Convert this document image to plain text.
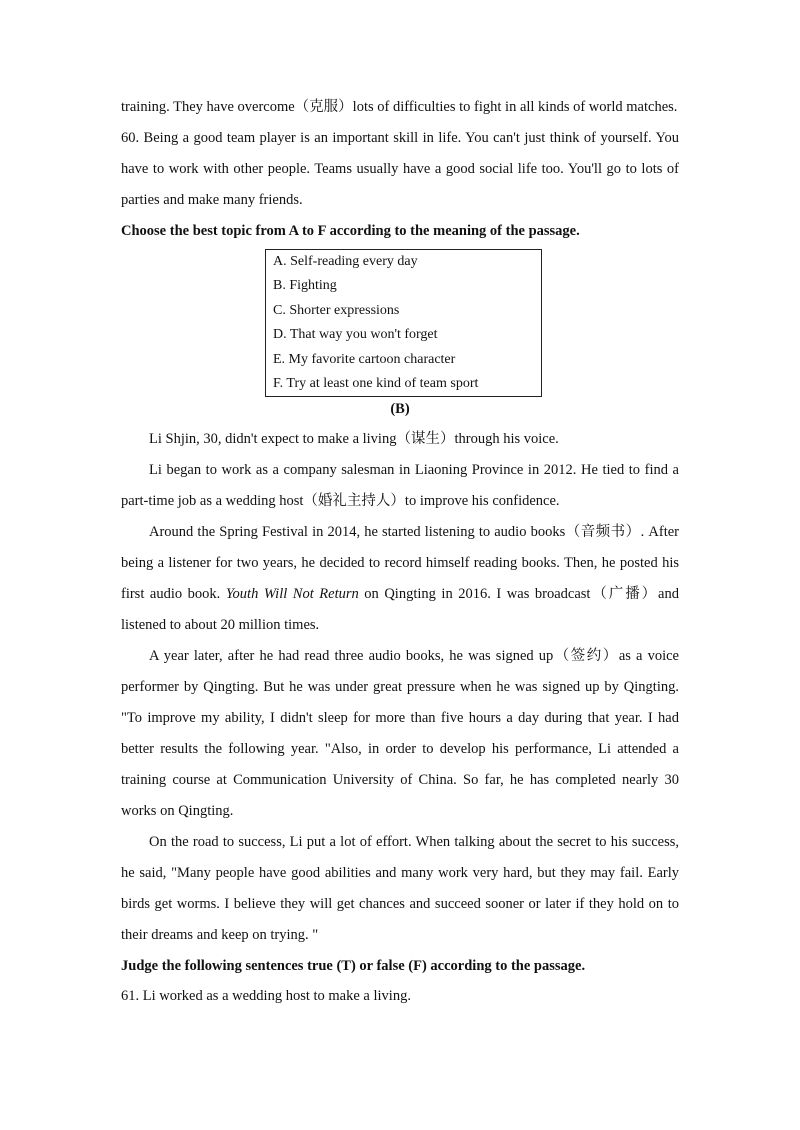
training. They have overcome（克服）lots of difficulties to fight in all kinds of world matches.

60. Being a good team player is an important skill in life. You can't just think of yourself. You have to work with other people. Teams usually have a good social life too. You'll go to lots of parties and make many friends.

Choose the best topic from A to F according to the meaning of the passage.

A. Self-reading every day
B. Fighting
C. Shorter expressions
D. That way you won't forget
E. My favorite cartoon character
F. Try at least one kind of team sport
(B)

Li Shjin, 30, didn't expect to make a living（谋生）through his voice.

Li began to work as a company salesman in Liaoning Province in 2012. He tied to find a part-time job as a wedding host（婚礼主持人）to improve his confidence.

Around the Spring Festival in 2014, he started listening to audio books（音频书）. After being a listener for two years, he decided to record himself reading books. Then, he posted his first audio book. Youth Will Not Return on Qingting in 2016. I was broadcast（广播）and listened to about 20 million times.

A year later, after he had read three audio books, he was signed up（签约）as a voice performer by Qingting. But he was under great pressure when he was signed up by Qingting. "To improve my ability, I didn't sleep for more than five hours a day during that year. I had better results the following year. "Also, in order to develop his performance, Li attended a training course at Communication University of China. So far, he has completed nearly 30 works on Qingting.

On the road to success, Li put a lot of effort. When talking about the secret to his success, he said, "Many people have good abilities and many work very hard, but they may fail. Early birds get worms. I believe they will get chances and succeed sooner or later if they hold on to their dreams and keep on trying. "

Judge the following sentences true (T) or false (F) according to the passage.

61. Li worked as a wedding host to make a living.
